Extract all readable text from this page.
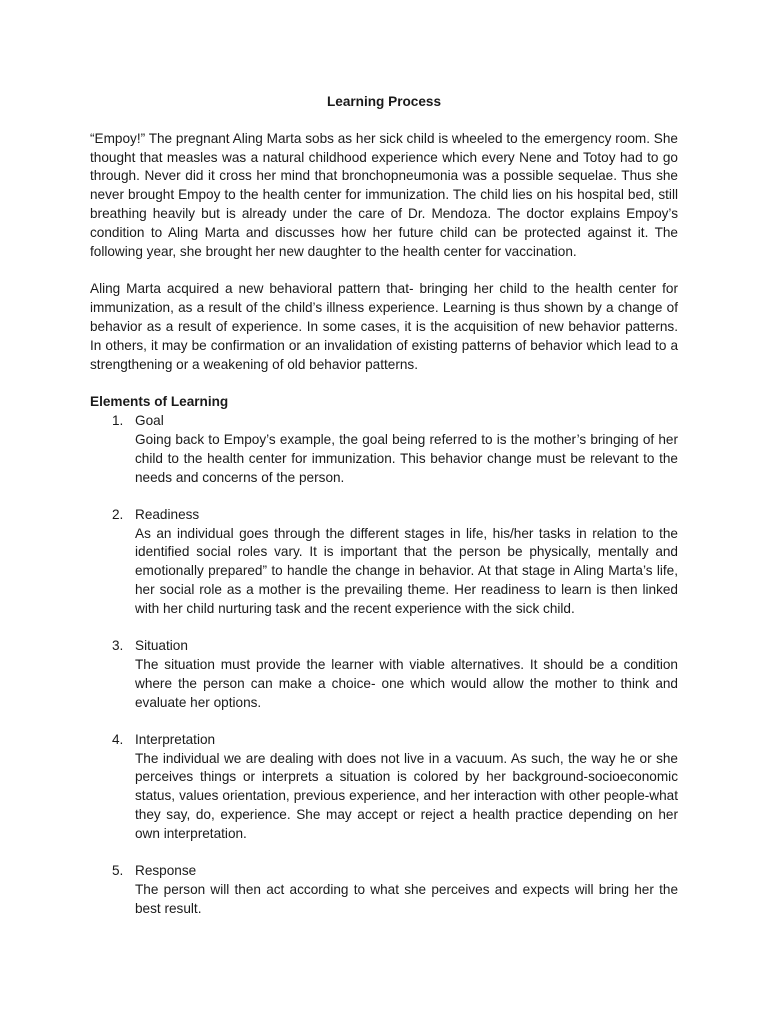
Learning Process

“Empoy!” The pregnant Aling Marta sobs as her sick child is wheeled to the emergency room. She thought that measles was a natural childhood experience which every Nene and Totoy had to go through. Never did it cross her mind that bronchopneumonia was a possible sequelae. Thus she never brought Empoy to the health center for immunization. The child lies on his hospital bed, still breathing heavily but is already under the care of Dr. Mendoza. The doctor explains Empoy’s condition to Aling Marta and discusses how her future child can be protected against it. The following year, she brought her new daughter to the health center for vaccination.

Aling Marta acquired a new behavioral pattern that- bringing her child to the health center for immunization, as a result of the child’s illness experience. Learning is thus shown by a change of behavior as a result of experience. In some cases, it is the acquisition of new behavior patterns. In others, it may be confirmation or an invalidation of existing patterns of behavior which lead to a strengthening or a weakening of old behavior patterns.

Elements of Learning
1. Goal
Going back to Empoy’s example, the goal being referred to is the mother’s bringing of her child to the health center for immunization. This behavior change must be relevant to the needs and concerns of the person.
2. Readiness
As an individual goes through the different stages in life, his/her tasks in relation to the identified social roles vary. It is important that the person be physically, mentally and emotionally prepared” to handle the change in behavior. At that stage in Aling Marta’s life, her social role as a mother is the prevailing theme. Her readiness to learn is then linked with her child nurturing task and the recent experience with the sick child.
3. Situation
The situation must provide the learner with viable alternatives. It should be a condition where the person can make a choice- one which would allow the mother to think and evaluate her options.
4. Interpretation
The individual we are dealing with does not live in a vacuum. As such, the way he or she perceives things or interprets a situation is colored by her background-socioeconomic status, values orientation, previous experience, and her interaction with other people-what they say, do, experience. She may accept or reject a health practice depending on her own interpretation.
5. Response
The person will then act according to what she perceives and expects will bring her the best result.
